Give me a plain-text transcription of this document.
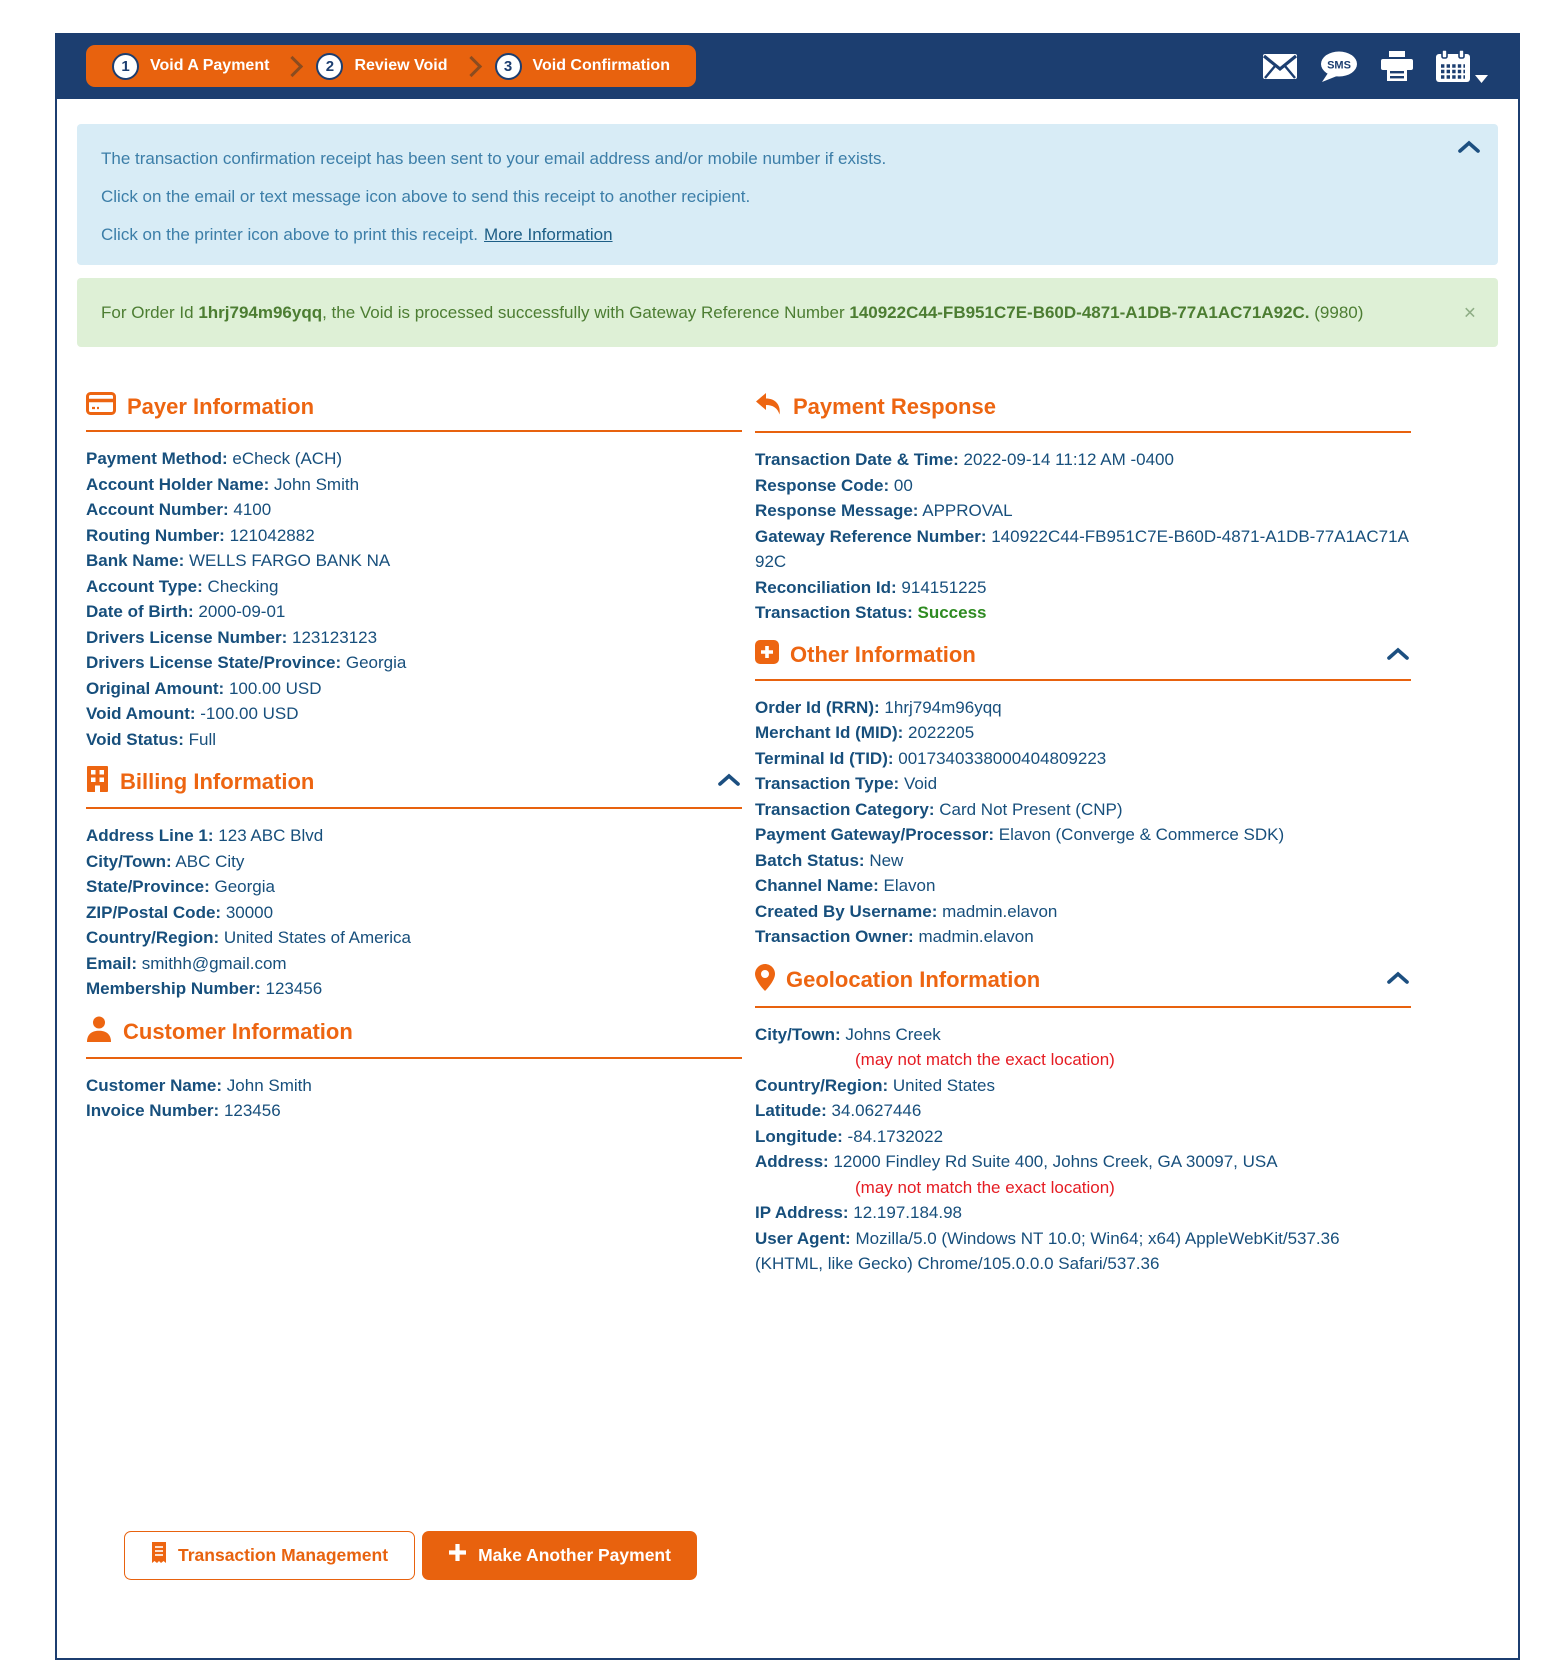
1	Void A Payment	2	Review Void	3	Void Confirmation	SMS

The transaction confirmation receipt has been sent to your email address and/or mobile number if exists.

Click on the email or text message icon above to send this receipt to another recipient.

Click on the printer icon above to print this receipt. More Information

For Order Id 1hrj794m96yqq, the Void is processed successfully with Gateway Reference Number 140922C44-FB951C7E-B60D-4871-A1DB-77A1AC71A92C. (9980)	×
Payer Information
Payment Method: eCheck (ACH)
Account Holder Name: John Smith
Account Number: 4100
Routing Number: 121042882
Bank Name: WELLS FARGO BANK NA
Account Type: Checking
Date of Birth: 2000-09-01
Drivers License Number: 123123123
Drivers License State/Province: Georgia
Original Amount: 100.00 USD
Void Amount: -100.00 USD
Void Status: Full
Billing Information
Address Line 1: 123 ABC Blvd
City/Town: ABC City
State/Province: Georgia
ZIP/Postal Code: 30000
Country/Region: United States of America
Email: smithh@gmail.com
Membership Number: 123456
Customer Information
Customer Name: John Smith
Invoice Number: 123456
Payment Response
Transaction Date & Time: 2022-09-14 11:12 AM -0400
Response Code: 00
Response Message: APPROVAL
Gateway Reference Number: 140922C44-FB951C7E-B60D-4871-A1DB-77A1AC71A92C
Reconciliation Id: 914151225
Transaction Status: Success
Other Information
Order Id (RRN): 1hrj794m96yqq
Merchant Id (MID): 2022205
Terminal Id (TID): 0017340338000404809223
Transaction Type: Void
Transaction Category: Card Not Present (CNP)
Payment Gateway/Processor: Elavon (Converge & Commerce SDK)
Batch Status: New
Channel Name: Elavon
Created By Username: madmin.elavon
Transaction Owner: madmin.elavon
Geolocation Information
City/Town: Johns Creek
(may not match the exact location)
Country/Region: United States
Latitude: 34.0627446
Longitude: -84.1732022
Address: 12000 Findley Rd Suite 400, Johns Creek, GA 30097, USA
(may not match the exact location)
IP Address: 12.197.184.98
User Agent: Mozilla/5.0 (Windows NT 10.0; Win64; x64) AppleWebKit/537.36 (KHTML, like Gecko) Chrome/105.0.0.0 Safari/537.36
Transaction Management	Make Another Payment
